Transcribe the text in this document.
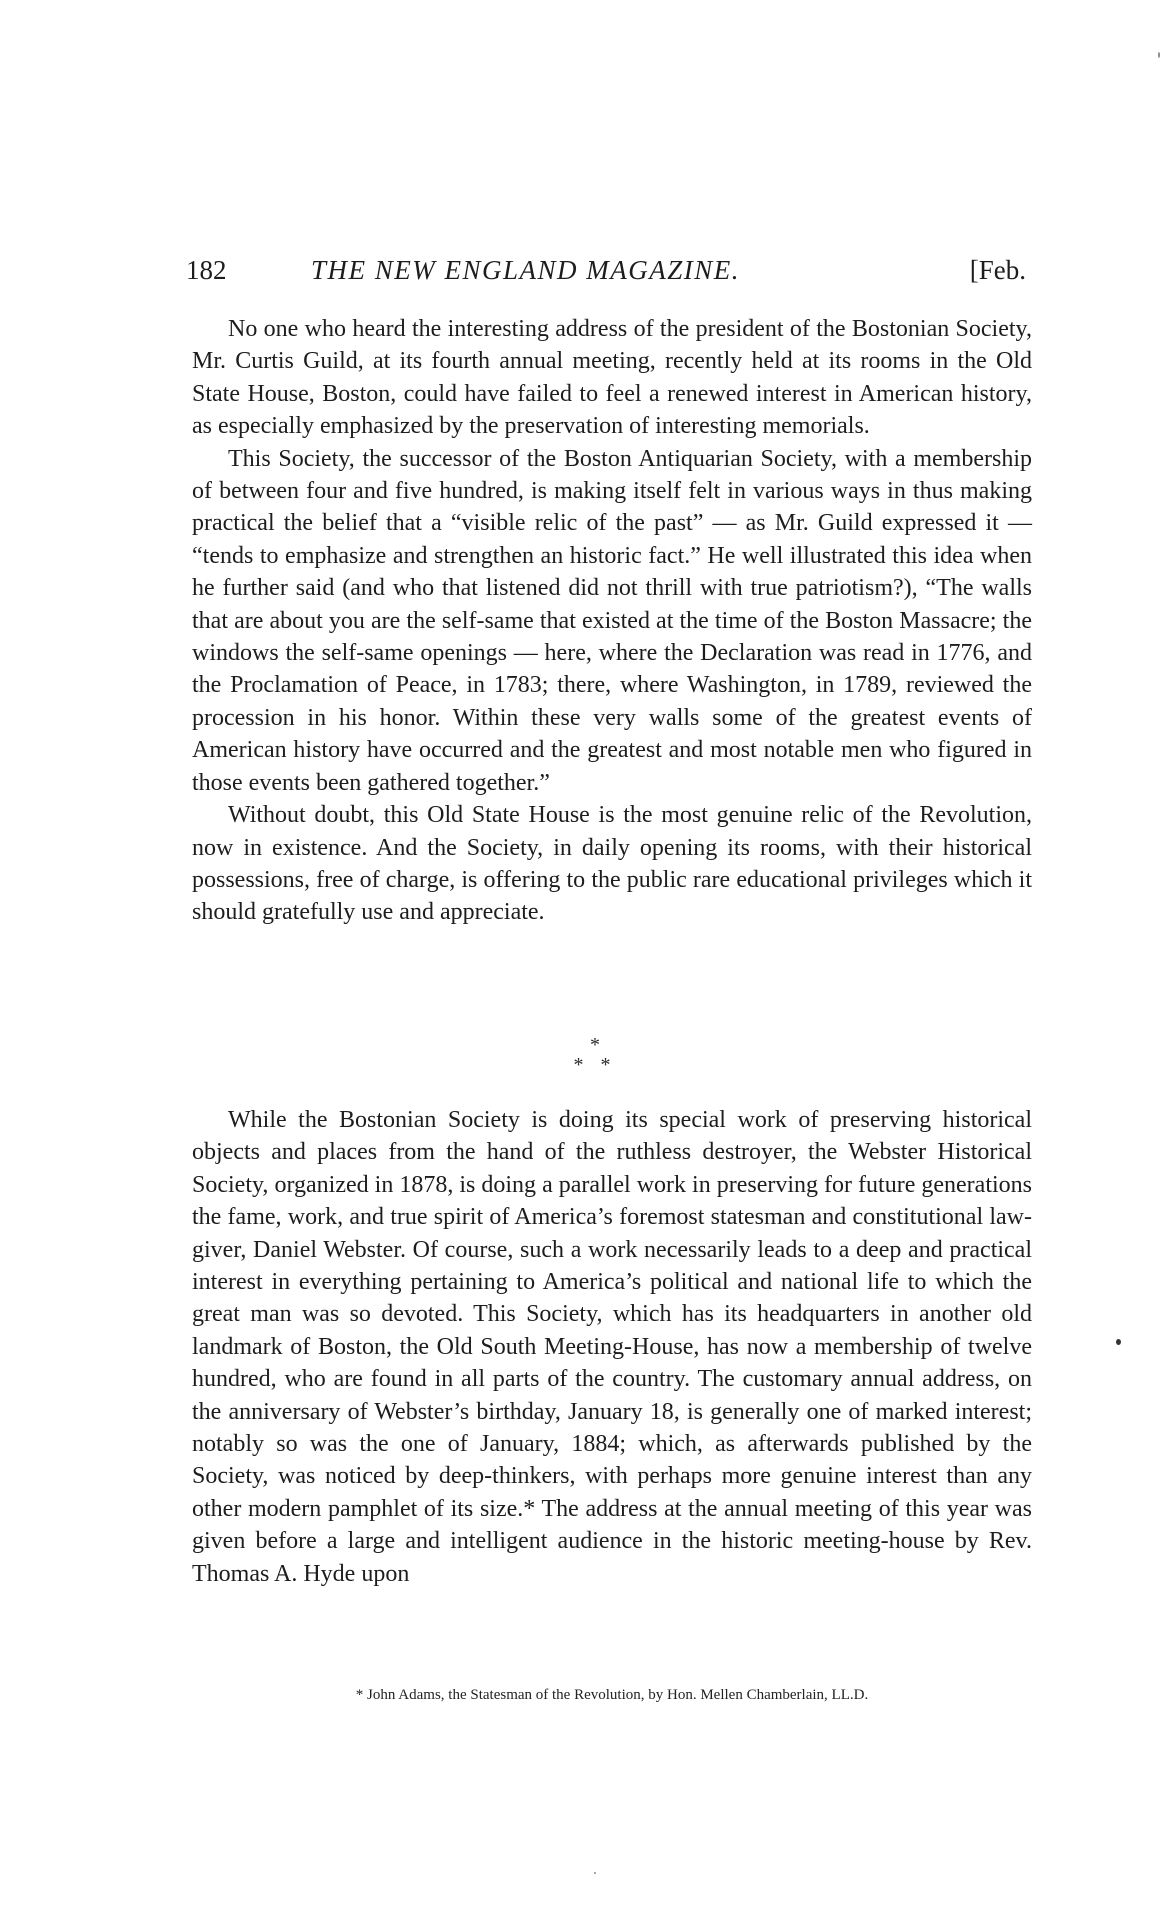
182	THE NEW ENGLAND MAGAZINE.	[Feb.

No one who heard the interesting address of the president of the Bostonian Society, Mr. Curtis Guild, at its fourth annual meeting, recently held at its rooms in the Old State House, Boston, could have failed to feel a renewed interest in American history, as especially emphasized by the preservation of interesting memorials.

This Society, the successor of the Boston Antiquarian Society, with a membership of between four and five hundred, is making itself felt in various ways in thus making practical the belief that a “visible relic of the past” — as Mr. Guild expressed it — “tends to emphasize and strengthen an historic fact.” He well illustrated this idea when he further said (and who that listened did not thrill with true patriotism?), “The walls that are about you are the self-same that existed at the time of the Boston Massacre; the windows the self-same openings — here, where the Declaration was read in 1776, and the Proclamation of Peace, in 1783; there, where Washington, in 1789, reviewed the procession in his honor. Within these very walls some of the greatest events of American history have occurred and the greatest and most notable men who figured in those events been gathered together.”

Without doubt, this Old State House is the most genuine relic of the Revolution, now in existence. And the Society, in daily opening its rooms, with their historical possessions, free of charge, is offering to the public rare educational privileges which it should gratefully use and appreciate.

*
* *

While the Bostonian Society is doing its special work of preserving historical objects and places from the hand of the ruthless destroyer, the Webster Historical Society, organized in 1878, is doing a parallel work in preserving for future generations the fame, work, and true spirit of America’s foremost statesman and constitutional law-giver, Daniel Webster. Of course, such a work necessarily leads to a deep and practical interest in everything pertaining to America’s political and national life to which the great man was so devoted. This Society, which has its headquarters in another old landmark of Boston, the Old South Meeting-House, has now a membership of twelve hundred, who are found in all parts of the country. The customary annual address, on the anniversary of Webster’s birthday, January 18, is generally one of marked interest; notably so was the one of January, 1884; which, as afterwards published by the Society, was noticed by deep-thinkers, with perhaps more genuine interest than any other modern pamphlet of its size.* The address at the annual meeting of this year was given before a large and intelligent audience in the historic meeting-house by Rev. Thomas A. Hyde upon

* John Adams, the Statesman of the Revolution, by Hon. Mellen Chamberlain, LL.D.
